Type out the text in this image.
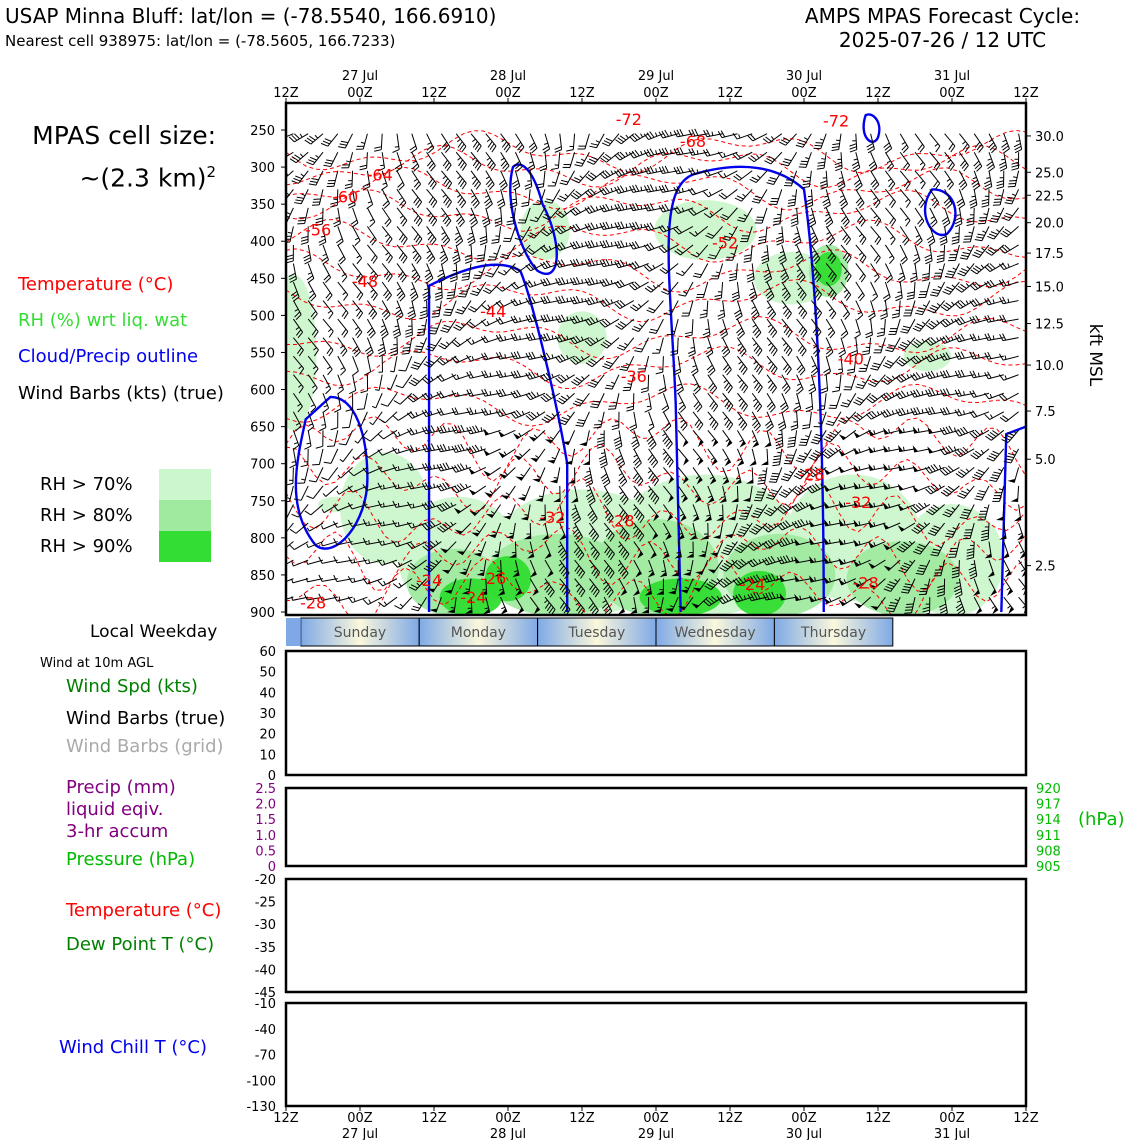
USAP Minna Bluff: lat/lon = (-78.5540, 166.6910)
Nearest cell 938975: lat/lon = (-78.5605, 166.7233)
AMPS MPAS Forecast Cycle:
2025-07-26 / 12 UTC
MPAS cell size:
~(2.3 km)$^2$
Temperature (°C)
RH (%) wrt liq. wat
Cloud/Precip outline
Wind Barbs (kts) (true)
RH > 70%
RH > 80%
RH > 90%
Local Weekday
Wind at 10m AGL
Wind Spd (kts)
Wind Barbs (true)
Wind Barbs (grid)
Precip (mm)
liquid eqiv.
3-hr accum
Pressure (hPa)
(hPa)
Temperature (°C)
Dew Point T (°C)
Wind Chill T (°C)
-28
-60
-56
-64
-48
-44
-24
-24
-26
-32	-28
-36
-72
-68
-52
-24
-28
-72
-40
-32
-28
250
300
350
400
450
500
550
600
650
700
750
800
850
900
30.0
25.0
22.5
20.0
17.5
15.0
12.5
10.0
7.5
5.0
2.5
kft MSL
12Z	00Z
27 Jul
12Z	00Z
28 Jul
12Z	00Z
29 Jul
12Z	00Z
30 Jul
12Z	00Z
31 Jul
12Z
Sunday	Monday	Tuesday	Wednesday	Thursday
0
10
20
30
40
50
60
0
0.5
1.0
1.5
2.0
2.5
905
908
911
914
917
920
-45
-40
-35
-30
-25
-20
-130
-100
-70
-40
-10
12Z	00Z
27 Jul
12Z	00Z
28 Jul
12Z	00Z
29 Jul
12Z	00Z
30 Jul
12Z	00Z
31 Jul
12Z
